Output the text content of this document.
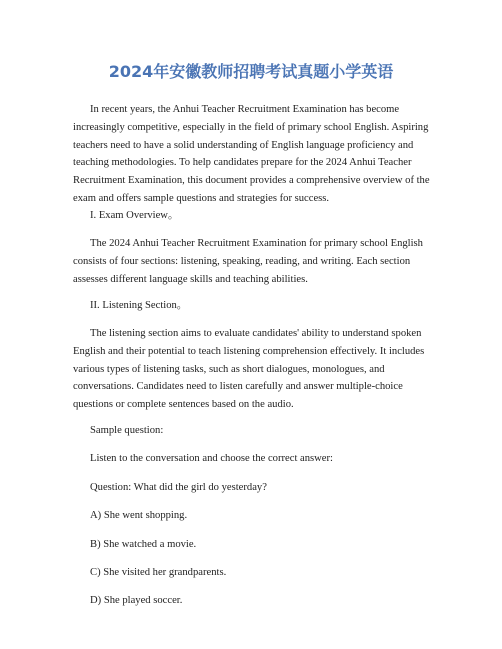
2024年安徽教师招聘考试真题小学英语

In recent years, the Anhui Teacher Recruitment Examination has become increasingly competitive, especially in the field of primary school English. Aspiring teachers need to have a solid understanding of English language proficiency and teaching methodologies. To help candidates prepare for the 2024 Anhui Teacher Recruitment Examination, this document provides a comprehensive overview of the exam and offers sample questions and strategies for success.

I. Exam Overview。

The 2024 Anhui Teacher Recruitment Examination for primary school English consists of four sections: listening, speaking, reading, and writing. Each section assesses different language skills and teaching abilities.

II. Listening Section。

The listening section aims to evaluate candidates' ability to understand spoken English and their potential to teach listening comprehension effectively. It includes various types of listening tasks, such as short dialogues, monologues, and conversations. Candidates need to listen carefully and answer multiple-choice questions or complete sentences based on the audio.

Sample question:

Listen to the conversation and choose the correct answer:

Question: What did the girl do yesterday?

A) She went shopping.

B) She watched a movie.

C) She visited her grandparents.

D) She played soccer.
